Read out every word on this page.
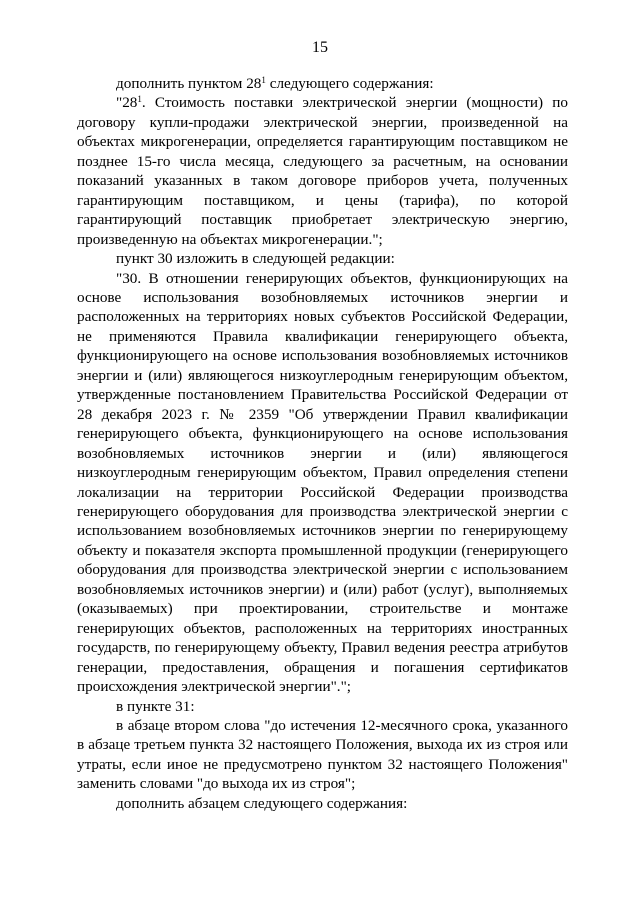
15

дополнить пунктом $28^1$ следующего содержания:

"$28^1$. Стоимость поставки электрической энергии (мощности) по договору купли-продажи электрической энергии, произведенной на объектах микрогенерации, определяется гарантирующим поставщиком не позднее 15-го числа месяца, следующего за расчетным, на основании показаний указанных в таком договоре приборов учета, полученных гарантирующим поставщиком, и цены (тарифа), по которой гарантирующий поставщик приобретает электрическую энергию, произведенную на объектах микрогенерации.";

пункт 30 изложить в следующей редакции:

"30. В отношении генерирующих объектов, функционирующих на основе использования возобновляемых источников энергии и расположенных на территориях новых субъектов Российской Федерации, не применяются Правила квалификации генерирующего объекта, функционирующего на основе использования возобновляемых источников энергии и (или) являющегося низкоуглеродным генерирующим объектом, утвержденные постановлением Правительства Российской Федерации от 28 декабря 2023 г. № 2359 "Об утверждении Правил квалификации генерирующего объекта, функционирующего на основе использования возобновляемых источников энергии и (или) являющегося низкоуглеродным генерирующим объектом, Правил определения степени локализации на территории Российской Федерации производства генерирующего оборудования для производства электрической энергии с использованием возобновляемых источников энергии по генерирующему объекту и показателя экспорта промышленной продукции (генерирующего оборудования для производства электрической энергии с использованием возобновляемых источников энергии) и (или) работ (услуг), выполняемых (оказываемых) при проектировании, строительстве и монтаже генерирующих объектов, расположенных на территориях иностранных государств, по генерирующему объекту, Правил ведения реестра атрибутов генерации, предоставления, обращения и погашения сертификатов происхождения электрической энергии".";

в пункте 31:

в абзаце втором слова "до истечения 12-месячного срока, указанного в абзаце третьем пункта 32 настоящего Положения, выхода их из строя или утраты, если иное не предусмотрено пунктом 32 настоящего Положения" заменить словами "до выхода их из строя";

дополнить абзацем следующего содержания:
